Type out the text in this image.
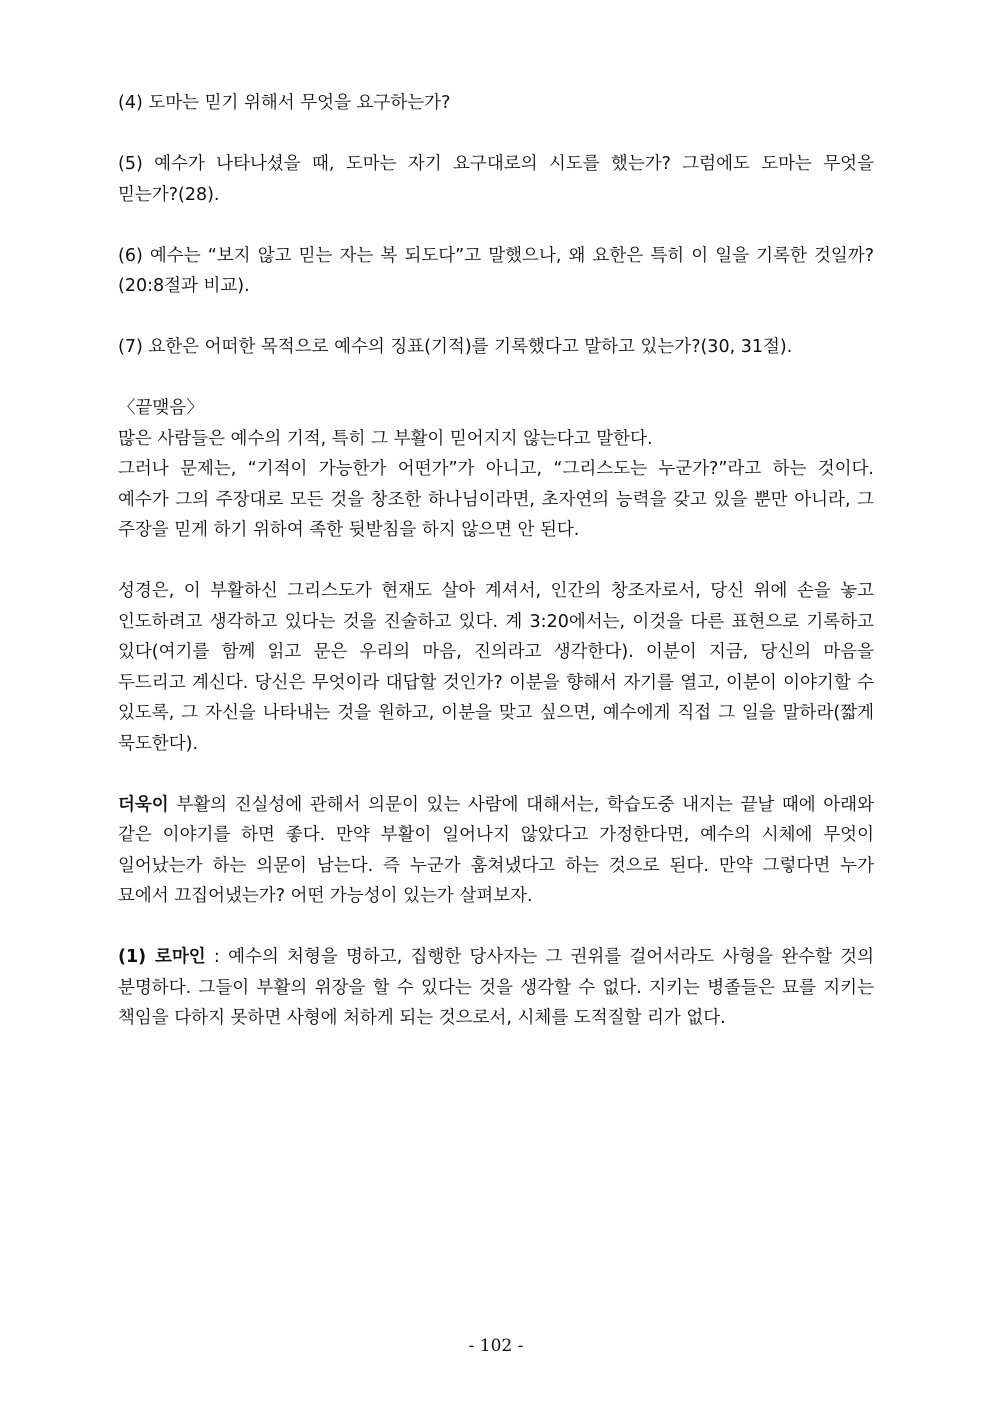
(4) 도마는 믿기 위해서 무엇을 요구하는가?

(5) 예수가 나타나셨을 때, 도마는 자기 요구대로의 시도를 했는가? 그럼에도 도마는 무엇을 믿는가?(28).

(6) 예수는 “보지 않고 믿는 자는 복 되도다”고 말했으나, 왜 요한은 특히 이 일을 기록한 것일까?(20:8절과 비교).

(7) 요한은 어떠한 목적으로 예수의 징표(기적)를 기록했다고 말하고 있는가?(30, 31절).

〈끝맺음〉

많은 사람들은 예수의 기적, 특히 그 부활이 믿어지지 않는다고 말한다.

그러나 문제는, “기적이 가능한가 어떤가”가 아니고, “그리스도는 누군가?”라고 하는 것이다. 예수가 그의 주장대로 모든 것을 창조한 하나님이라면, 초자연의 능력을 갖고 있을 뿐만 아니라, 그 주장을 믿게 하기 위하여 족한 뒷받침을 하지 않으면 안 된다.

성경은, 이 부활하신 그리스도가 현재도 살아 계셔서, 인간의 창조자로서, 당신 위에 손을 놓고 인도하려고 생각하고 있다는 것을 진술하고 있다. 계 3:20에서는, 이것을 다른 표현으로 기록하고 있다(여기를 함께 읽고 문은 우리의 마음, 진의라고 생각한다). 이분이 지금, 당신의 마음을 두드리고 계신다. 당신은 무엇이라 대답할 것인가? 이분을 향해서 자기를 열고, 이분이 이야기할 수 있도록, 그 자신을 나타내는 것을 원하고, 이분을 맞고 싶으면, 예수에게 직접 그 일을 말하라(짧게 묵도한다).

더욱이 부활의 진실성에 관해서 의문이 있는 사람에 대해서는, 학습도중 내지는 끝날 때에 아래와 같은 이야기를 하면 좋다. 만약 부활이 일어나지 않았다고 가정한다면, 예수의 시체에 무엇이 일어났는가 하는 의문이 남는다. 즉 누군가 훔쳐냈다고 하는 것으로 된다. 만약 그렇다면 누가 묘에서 끄집어냈는가? 어떤 가능성이 있는가 살펴보자.

(1) 로마인 : 예수의 처형을 명하고, 집행한 당사자는 그 권위를 걸어서라도 사형을 완수할 것의 분명하다. 그들이 부활의 위장을 할 수 있다는 것을 생각할 수 없다. 지키는 병졸들은 묘를 지키는 책임을 다하지 못하면 사형에 처하게 되는 것으로서, 시체를 도적질할 리가 없다.

- 102 -
